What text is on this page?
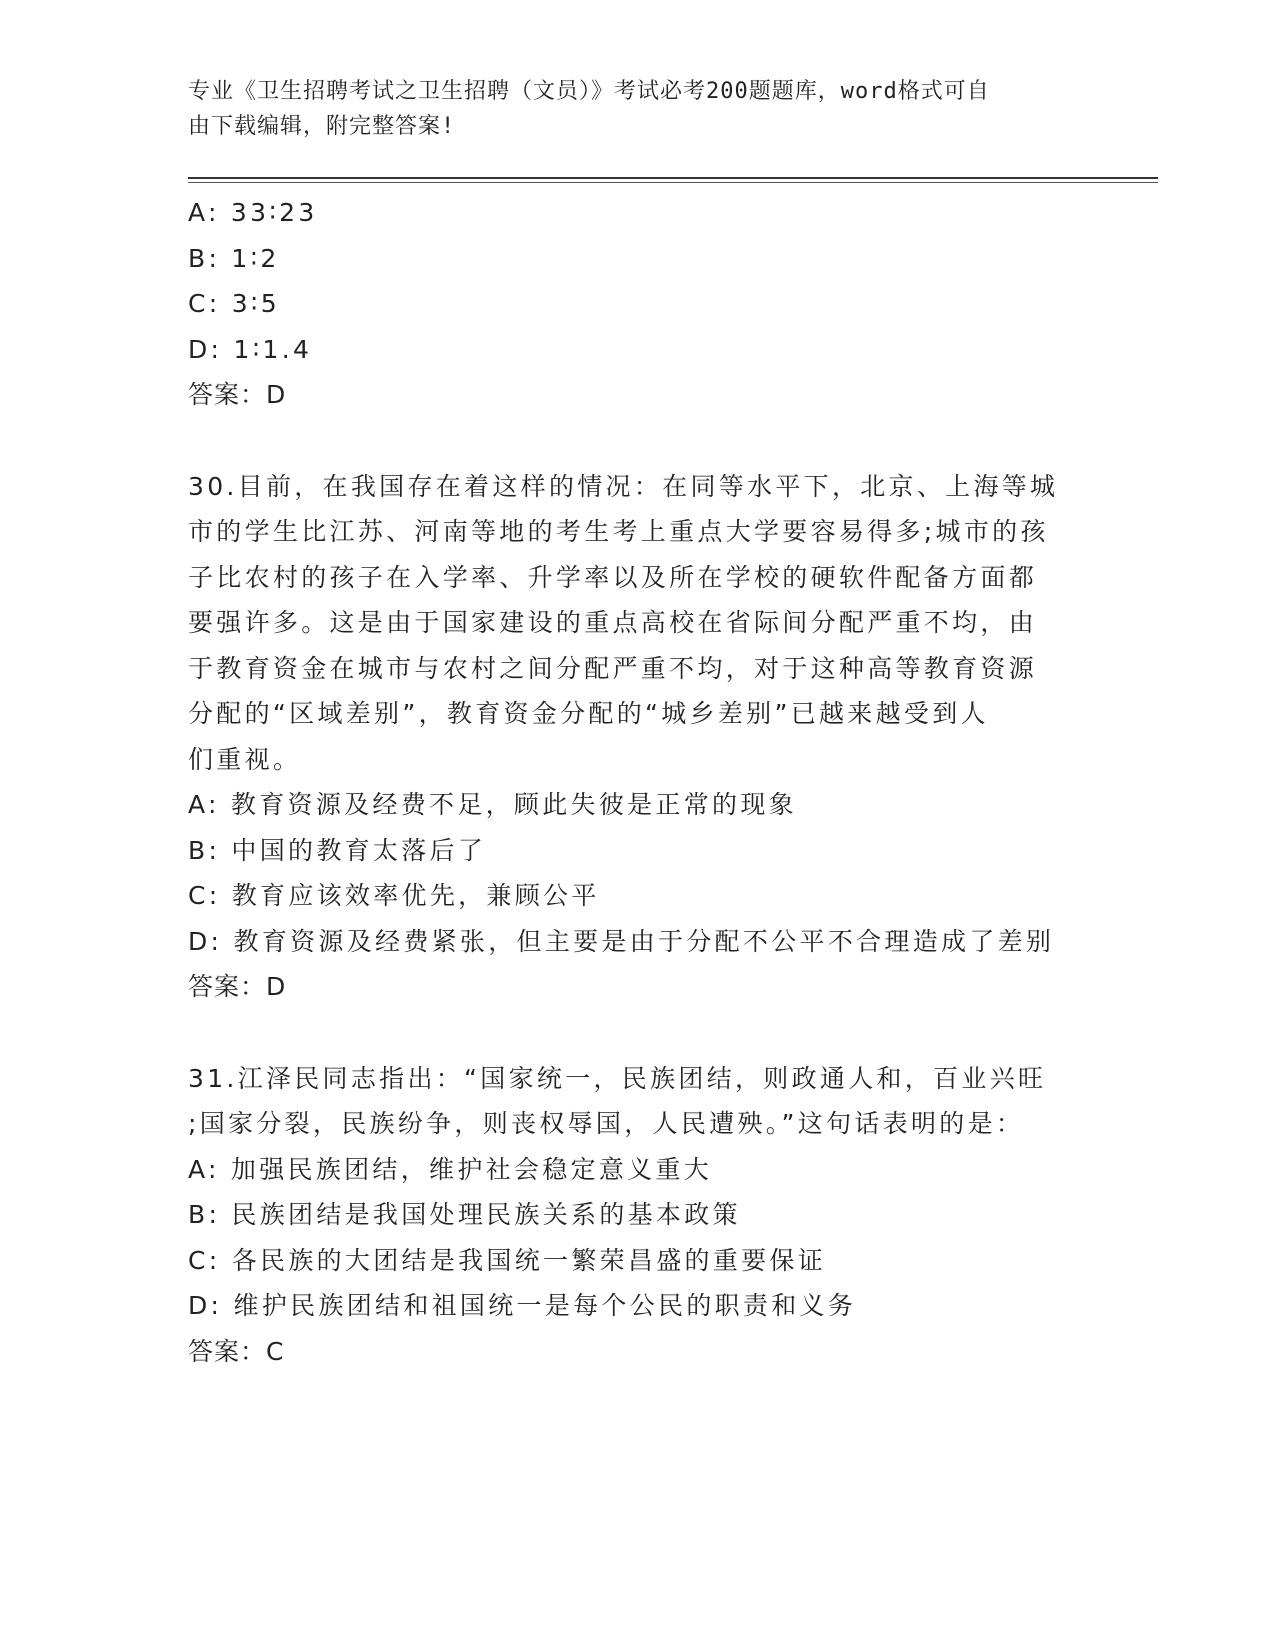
专业《卫生招聘考试之卫生招聘（文员）》考试必考200题题库，word格式可自
由下载编辑，附完整答案!
A: 33∶23
B: 1∶2
C: 3∶5
D: 1∶1.4
答案：D
30.目前，在我国存在着这样的情况：在同等水平下，北京、上海等城
市的学生比江苏、河南等地的考生考上重点大学要容易得多;城市的孩
子比农村的孩子在入学率、升学率以及所在学校的硬软件配备方面都
要强许多。这是由于国家建设的重点高校在省际间分配严重不均，由
于教育资金在城市与农村之间分配严重不均，对于这种高等教育资源
分配的“区域差别”，教育资金分配的“城乡差别”已越来越受到人
们重视。
A: 教育资源及经费不足，顾此失彼是正常的现象
B: 中国的教育太落后了
C: 教育应该效率优先，兼顾公平
D: 教育资源及经费紧张，但主要是由于分配不公平不合理造成了差别
答案：D
31.江泽民同志指出：“国家统一，民族团结，则政通人和，百业兴旺
;国家分裂，民族纷争，则丧权辱国，人民遭殃。”这句话表明的是：
A: 加强民族团结，维护社会稳定意义重大
B: 民族团结是我国处理民族关系的基本政策
C: 各民族的大团结是我国统一繁荣昌盛的重要保证
D: 维护民族团结和祖国统一是每个公民的职责和义务
答案：C
